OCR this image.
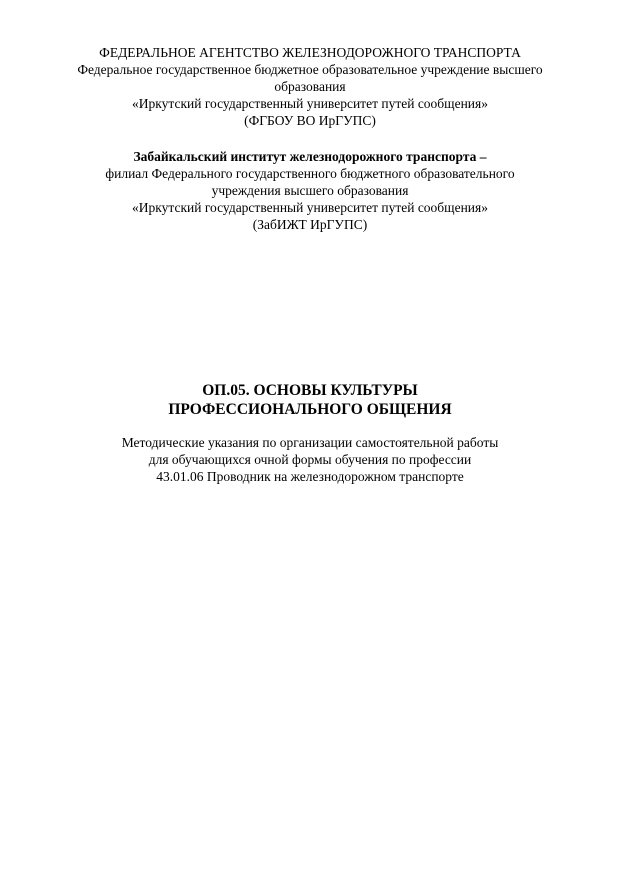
ФЕДЕРАЛЬНОЕ АГЕНТСТВО ЖЕЛЕЗНОДОРОЖНОГО ТРАНСПОРТА
Федеральное государственное бюджетное образовательное учреждение высшего
образования
«Иркутский государственный университет путей сообщения»
(ФГБОУ ВО ИрГУПС)
Забайкальский институт железнодорожного транспорта –
филиал Федерального государственного бюджетного образовательного
учреждения высшего образования
«Иркутский государственный университет путей сообщения»
(ЗабИЖТ ИрГУПС)
ОП.05. ОСНОВЫ КУЛЬТУРЫ
ПРОФЕССИОНАЛЬНОГО ОБЩЕНИЯ
Методические указания по организации самостоятельной работы
для обучающихся очной формы обучения по профессии
43.01.06 Проводник на железнодорожном транспорте
